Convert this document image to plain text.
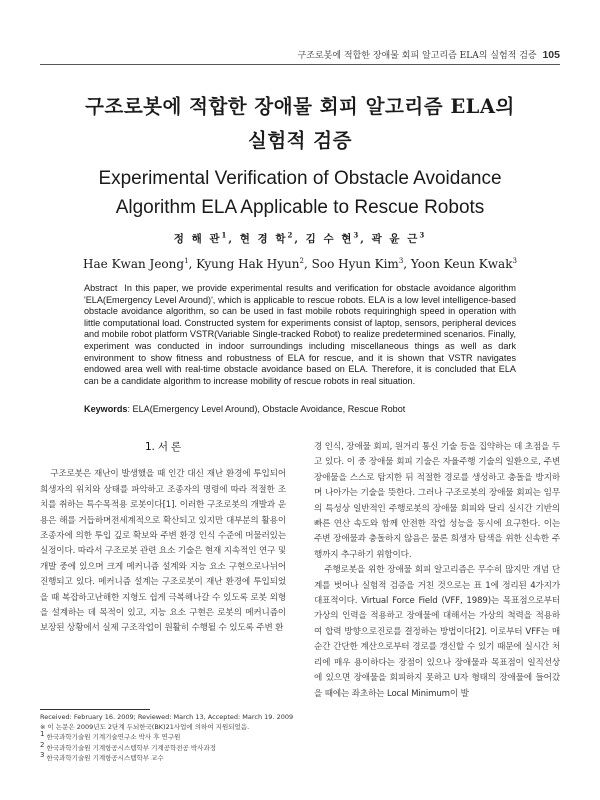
구조로봇에 적합한 장애물 회피 알고리즘 ELA의 실험적 검증 105
구조로봇에 적합한 장애물 회피 알고리즘 ELA의
실험적 검증
Experimental Verification of Obstacle Avoidance
Algorithm ELA Applicable to Rescue Robots
정 해 관$^1$, 현 경 학$^2$, 김 수 현$^3$, 곽 윤 근$^3$
Hae Kwan Jeong$^1$, Kyung Hak Hyun$^2$, Soo Hyun Kim$^3$, Yoon Keun Kwak$^3$
Abstract In this paper, we provide experimental results and verification for obstacle avoidance algorithm 'ELA(Emergency Level Around)', which is applicable to rescue robots. ELA is a low level intelligence-based obstacle avoidance algorithm, so can be used in fast mobile robots requiringhigh speed in operation with little computational load. Constructed system for experiments consist of laptop, sensors, peripheral devices and mobile robot platform VSTR(Variable Single-tracked Robot) to realize predetermined scenarios. Finally, experiment was conducted in indoor surroundings including miscellaneous things as well as dark environment to show fitness and robustness of ELA for rescue, and it is shown that VSTR navigates endowed area well with real-time obstacle avoidance based on ELA. Therefore, it is concluded that ELA can be a candidate algorithm to increase mobility of rescue robots in real situation.
Keywords: ELA(Emergency Level Around), Obstacle Avoidance, Rescue Robot
1. 서 론

구조로봇은 재난이 발생했을 때 인간 대신 재난 환경에 투입되어 희생자의 위치와 상태를 파악하고 조종자의 명령에 따라 적절한 조치를 취하는 특수목적용 로봇이다[1]. 이러한 구조로봇의 개발과 운용은 해를 거듭하며전세계적으로 확산되고 있지만 대부분의 활용이 조종자에 의한 투입 깊로 확보와 주변 환경 인식 수준에 머물러있는 실정이다. 따라서 구조로봇 관련 요소 기술은 현재 지속적인 연구 및 개발 중에 있으며 크게 메커니즘 설계와 지능 요소 구현으로나뉘어 진행되고 있다. 메커니즘 설계는 구조로봇이 재난 환경에 투입되었을 때 복잡하고난해한 지형도 쉽게 극복해나갈 수 있도록 로봇 외형을 설계하는 데 목적이 있고, 지능 요소 구현은 로봇의 메커니즘이 보장된 상황에서 실제 구조작업이 원활히 수행될 수 있도록 주변 환

경 인식, 장애물 회피, 원거리 통신 기술 등을 집약하는 데 초점을 두고 있다. 이 중 장애물 회피 기술은 자율주행 기술의 일환으로, 주변 장애물을 스스로 탐지한 뒤 적절한 경로를 생성하고 충돌을 방지하며 나아가는 기술을 뜻한다. 그러나 구조로봇의 장애물 회피는 임무의 특성상 일반적인 주행로봇의 장애물 회피와 달리 실시간 기반의 빠른 연산 속도와 함께 안전한 작업 성능을 동시에 요구한다. 이는 주변 장애물과 충돌하지 않음은 물론 희생자 탐색을 위한 신속한 주행까지 추구하기 위함이다.

주행로봇을 위한 장애물 회피 알고리즘은 무수히 많지만 개념 단계를 벗어나 실험적 검증을 거친 것으로는 표 1에 정리된 4가지가 대표적이다. Virtual Force Field (VFF, 1989)는 목표점으로부터 가상의 인력을 적용하고 장애물에 대해서는 가상의 척력을 적용하여 합력 방향으로진로를 결정하는 방법이다[2]. 이로부터 VFF는 매 순간 간단한 계산으로부터 경로를 갱신할 수 있기 때문에 실시간 처리에 매우 용이하다는 장점이 있으나 장애물과 목표점이 일직선상에 있으면 장애물을 회피하지 못하고 U자 형태의 장애물에 들어갔을 때에는 좌초하는 Local Minimum이 발

Received: February 16. 2009; Reviewed: March 13, Accepted: March 19. 2009
※ 이 논문은 2009년도 2단계 두뇌한국(BK)21사업에 의하여 지원되었음.
$^1$ 한국과학기술원 기계기술연구소 박사 후 연구원
$^2$ 한국과학기술원 기계항공시스템학부 기계공학전공 박사과정
$^3$ 한국과학기술원 기계항공시스템학부 교수
